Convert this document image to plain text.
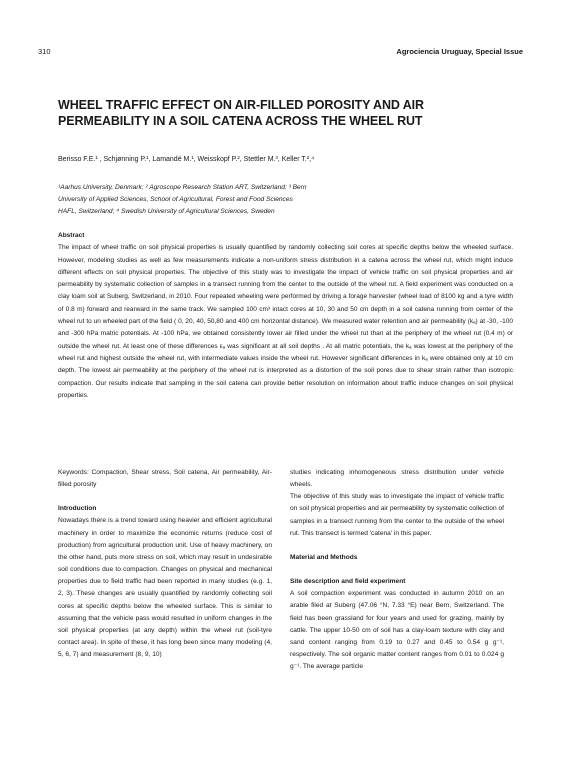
310	Agrociencia Uruguay, Special Issue
WHEEL TRAFFIC EFFECT ON AIR-FILLED POROSITY AND AIR PERMEABILITY IN A SOIL CATENA ACROSS THE WHEEL RUT
Berisso F.E.¹ , Schjønning P.¹, Lamandé M.¹, Weisskopf P.², Stettler M.³, Keller T.²,⁴
¹Aarhus University, Denmark; ² Agroscope Research Station ART, Switzerland; ³ Bern
University of Applied Sciences, School of Agricultural, Forest and Food Sciences
HAFL, Switzerland; ⁴ Swedish University of Agricultural Sciences, Sweden
Abstract

The impact of wheel traffic on soil physical properties is usually quantified by randomly collecting soil cores at specific depths below the wheeled surface. However, modeling studies as well as few measurements indicate a non-uniform stress distribution in a catena across the wheel rut, which might induce different effects on soil physical properties. The objective of this study was to investigate the impact of vehicle traffic on soil physical properties and air permeability by systematic collection of samples in a transect running from the center to the outside of the wheel rut. A field experiment was conducted on a clay loam soil at Suberg, Switzerland, in 2010. Four repeated wheeling were performed by driving a forage harvester (wheel load of 8100 kg and a tyre width of 0.8 m) forward and rearward in the same track. We sampled 100 cm³ intact cores at 10, 30 and 50 cm depth in a soil catena running from center of the wheel rut to un wheeled part of the field ( 0, 20, 40, 50,80 and 400 cm horizontal distance). We measured water retention and air permeability (kₐ) at -30, -100 and -300 hPa matric potentials. At -100 hPa, we obtained consistently lower air filled under the wheel rut than at the periphery of the wheel rut (0.4 m) or outside the wheel rut. At least one of these differences εₐ was significant at all soil depths . At all matric potentials, the kₐ was lowest at the periphery of the wheel rut and highest outside the wheel rut, with intermediate values inside the wheel rut. However significant differences in kₐ were obtained only at 10 cm depth. The lowest air permeability at the periphery of the wheel rut is interpreted as a distortion of the soil pores due to shear strain rather than isotropic compaction. Our results indicate that sampling in the soil catena can provide better resolution on information about traffic induce changes on soil physical properties.

Keywords: Compaction, Shear stress, Soil catena, Air permeability, Air-filled porosity

Introduction

Nowadays there is a trend toward using heavier and efficient agricultural machinery in order to maximize the economic returns (reduce cost of production) from agricultural production unit. Use of heavy machinery, on the other hand, puts more stress on soil, which may result in undesirable soil conditions due to compaction. Changes on physical and mechanical properties due to field traffic had been reported in many studies (e.g. 1, 2, 3). These changes are usually quantified by randomly collecting soil cores at specific depths below the wheeled surface. This is similar to assuming that the vehicle pass would resulted in uniform changes in the soil physical properties (at any depth) within the wheel rut (soil-tyre contact area). In spite of these, it has long been since many modeling (4, 5, 6, 7) and measurement (8, 9, 10)

studies indicating inhomogeneous stress distribution under vehicle wheels.

The objective of this study was to investigate the impact of vehicle traffic on soil physical properties and air permeability by systematic collection of samples in a transect running from the center to the outside of the wheel rut. This transect is termed 'catena' in this paper.

Material and Methods
Site description and field experiment

A soil compaction experiment was conducted in autumn 2010 on an arable filed at Suberg (47.06 °N, 7.33 °E) near Bern, Switzerland. The field has been grassland for four years and used for grazing, mainly by cattle. The upper 10-50 cm of soil has a clay-loam texture with clay and sand content ranging from 0.19 to 0.27 and 0.45 to 0.54 g g⁻¹, respectively. The soil organic matter content ranges from 0.01 to 0.024 g g⁻¹. The average particle
